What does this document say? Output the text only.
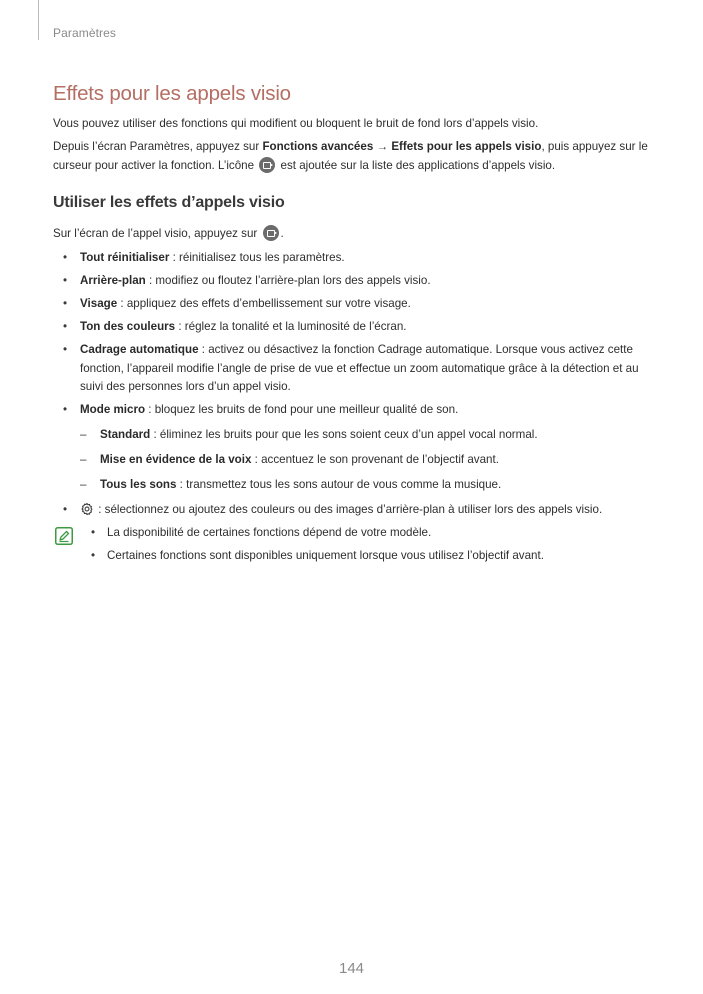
Paramètres
Effets pour les appels visio

Vous pouvez utiliser des fonctions qui modifient ou bloquent le bruit de fond lors d’appels visio.

Depuis l’écran Paramètres, appuyez sur Fonctions avancées → Effets pour les appels visio, puis appuyez sur le curseur pour activer la fonction. L’icône  est ajoutée sur la liste des applications d’appels visio.

Utiliser les effets d’appels visio

Sur l’écran de l’appel visio, appuyez sur .

• Tout réinitialiser : réinitialisez tous les paramètres.
• Arrière-plan : modifiez ou floutez l’arrière-plan lors des appels visio.
• Visage : appliquez des effets d’embellissement sur votre visage.
• Ton des couleurs : réglez la tonalité et la luminosité de l’écran.
• Cadrage automatique : activez ou désactivez la fonction Cadrage automatique. Lorsque vous activez cette fonction, l’appareil modifie l’angle de prise de vue et effectue un zoom automatique grâce à la détection et au suivi des personnes lors d’un appel visio.
• Mode micro : bloquez les bruits de fond pour une meilleur qualité de son.
– Standard : éliminez les bruits pour que les sons soient ceux d’un appel vocal normal.
– Mise en évidence de la voix : accentuez le son provenant de l’objectif avant.
– Tous les sons : transmettez tous les sons autour de vous comme la musique.
• : sélectionnez ou ajoutez des couleurs ou des images d’arrière-plan à utiliser lors des appels visio.
• La disponibilité de certaines fonctions dépend de votre modèle.
• Certaines fonctions sont disponibles uniquement lorsque vous utilisez l’objectif avant.
144
